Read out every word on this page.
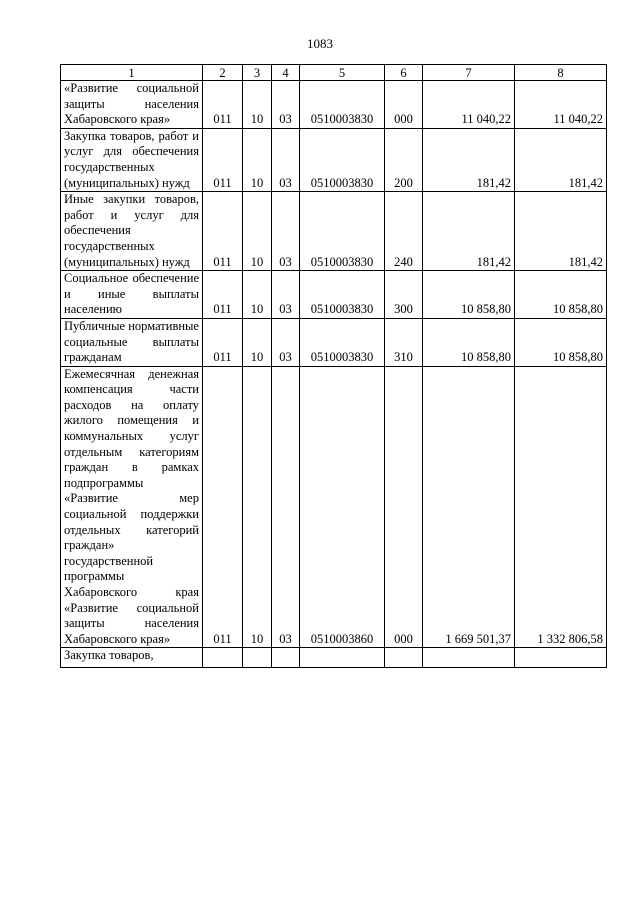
1083
1	2	3	4	5	6	7	8
«Развитие социальной защиты населения Хабаровского края»	011	10	03	0510003830	000	11 040,22	11 040,22
Закупка товаров, работ и услуг для обеспечения государственных (муниципальных) нужд	011	10	03	0510003830	200	181,42	181,42
Иные закупки товаров, работ и услуг для обеспечения государственных (муниципальных) нужд	011	10	03	0510003830	240	181,42	181,42
Социальное обеспечение и иные выплаты населению	011	10	03	0510003830	300	10 858,80	10 858,80
Публичные нормативные социальные выплаты гражданам	011	10	03	0510003830	310	10 858,80	10 858,80
Ежемесячная денежная компенсация части расходов на оплату жилого помещения и коммунальных услуг отдельным категориям граждан в рамках подпрограммы «Развитие мер социальной поддержки отдельных категорий граждан» государственной программы Хабаровского края «Развитие социальной защиты населения Хабаровского края»	011	10	03	0510003860	000	1 669 501,37	1 332 806,58
Закупка товаров,							
